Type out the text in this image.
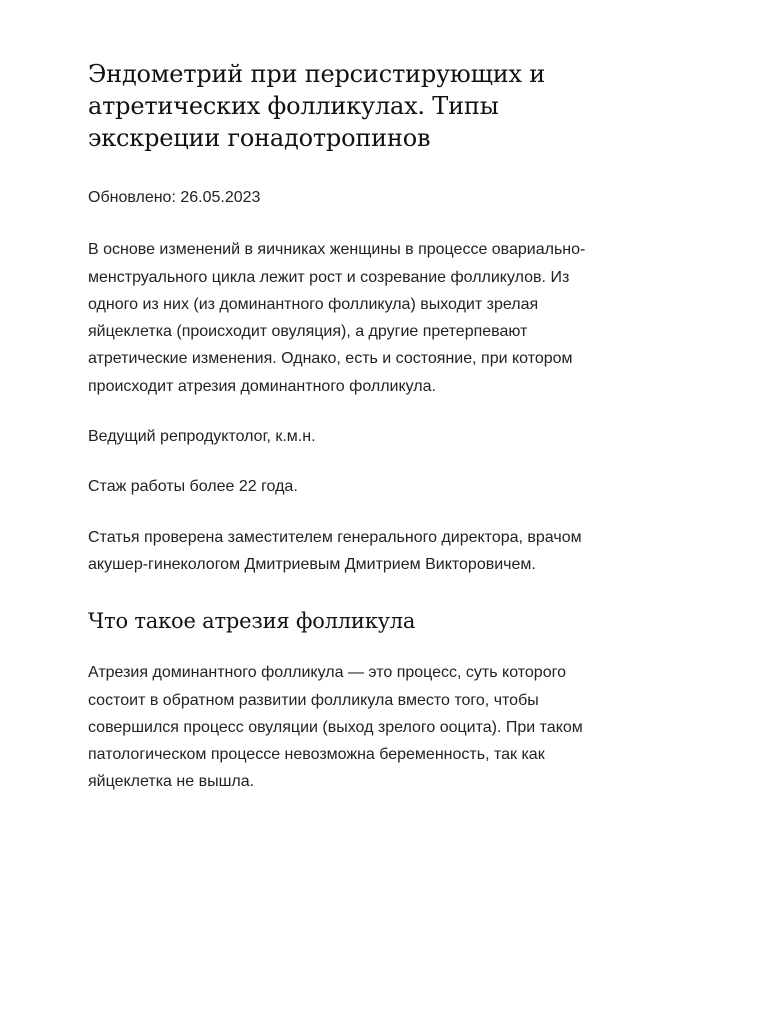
Эндометрий при персистирующих и атретических фолликулах. Типы экскреции гонадотропинов

Обновлено: 26.05.2023

В основе изменений в яичниках женщины в процессе овариально-менструального цикла лежит рост и созревание фолликулов. Из одного из них (из доминантного фолликула) выходит зрелая яйцеклетка (происходит овуляция), а другие претерпевают атретические изменения. Однако, есть и состояние, при котором происходит атрезия доминантного фолликула.

Ведущий репродуктолог, к.м.н.

Стаж работы более 22 года.

Статья проверена заместителем генерального директора, врачом акушер-гинекологом Дмитриевым Дмитрием Викторовичем.

Что такое атрезия фолликула

Атрезия доминантного фолликула — это процесс, суть которого состоит в обратном развитии фолликула вместо того, чтобы совершился процесс овуляции (выход зрелого ооцита). При таком патологическом процессе невозможна беременность, так как яйцеклетка не вышла.
